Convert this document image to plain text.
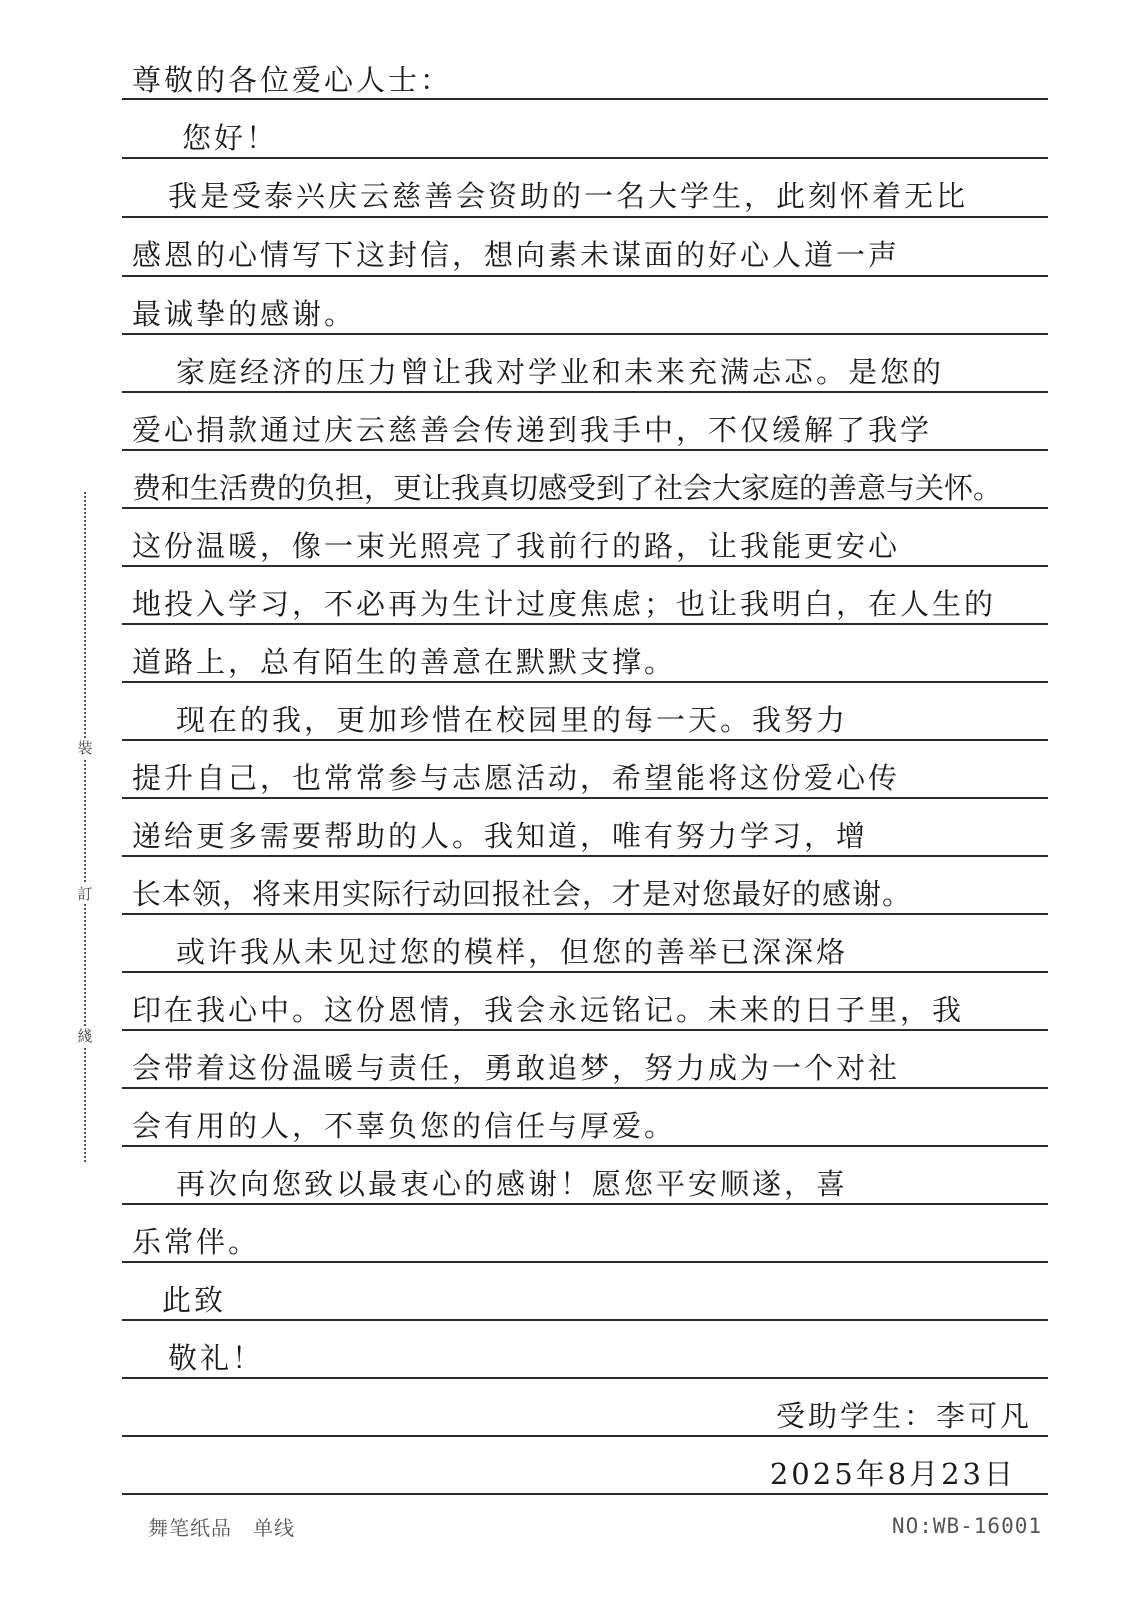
裝
訂
綫

尊敬的各位爱心人士：

您好！

我是受泰兴庆云慈善会资助的一名大学生，此刻怀着无比

感恩的心情写下这封信，想向素未谋面的好心人道一声

最诚挚的感谢。

家庭经济的压力曾让我对学业和未来充满忐忑。是您的

爱心捐款通过庆云慈善会传递到我手中，不仅缓解了我学

费和生活费的负担，更让我真切感受到了社会大家庭的善意与关怀。

这份温暖，像一束光照亮了我前行的路，让我能更安心

地投入学习，不必再为生计过度焦虑；也让我明白，在人生的

道路上，总有陌生的善意在默默支撑。

现在的我，更加珍惜在校园里的每一天。我努力

提升自己，也常常参与志愿活动，希望能将这份爱心传

递给更多需要帮助的人。我知道，唯有努力学习，增

长本领，将来用实际行动回报社会，才是对您最好的感谢。

或许我从未见过您的模样，但您的善举已深深烙

印在我心中。这份恩情，我会永远铭记。未来的日子里，我

会带着这份温暖与责任，勇敢追梦，努力成为一个对社

会有用的人，不辜负您的信任与厚爱。

再次向您致以最衷心的感谢！愿您平安顺遂，喜

乐常伴。

此致

敬礼！

受助学生：李可凡

2025年8月23日

舞笔纸品　单线	NO:WB-16001
